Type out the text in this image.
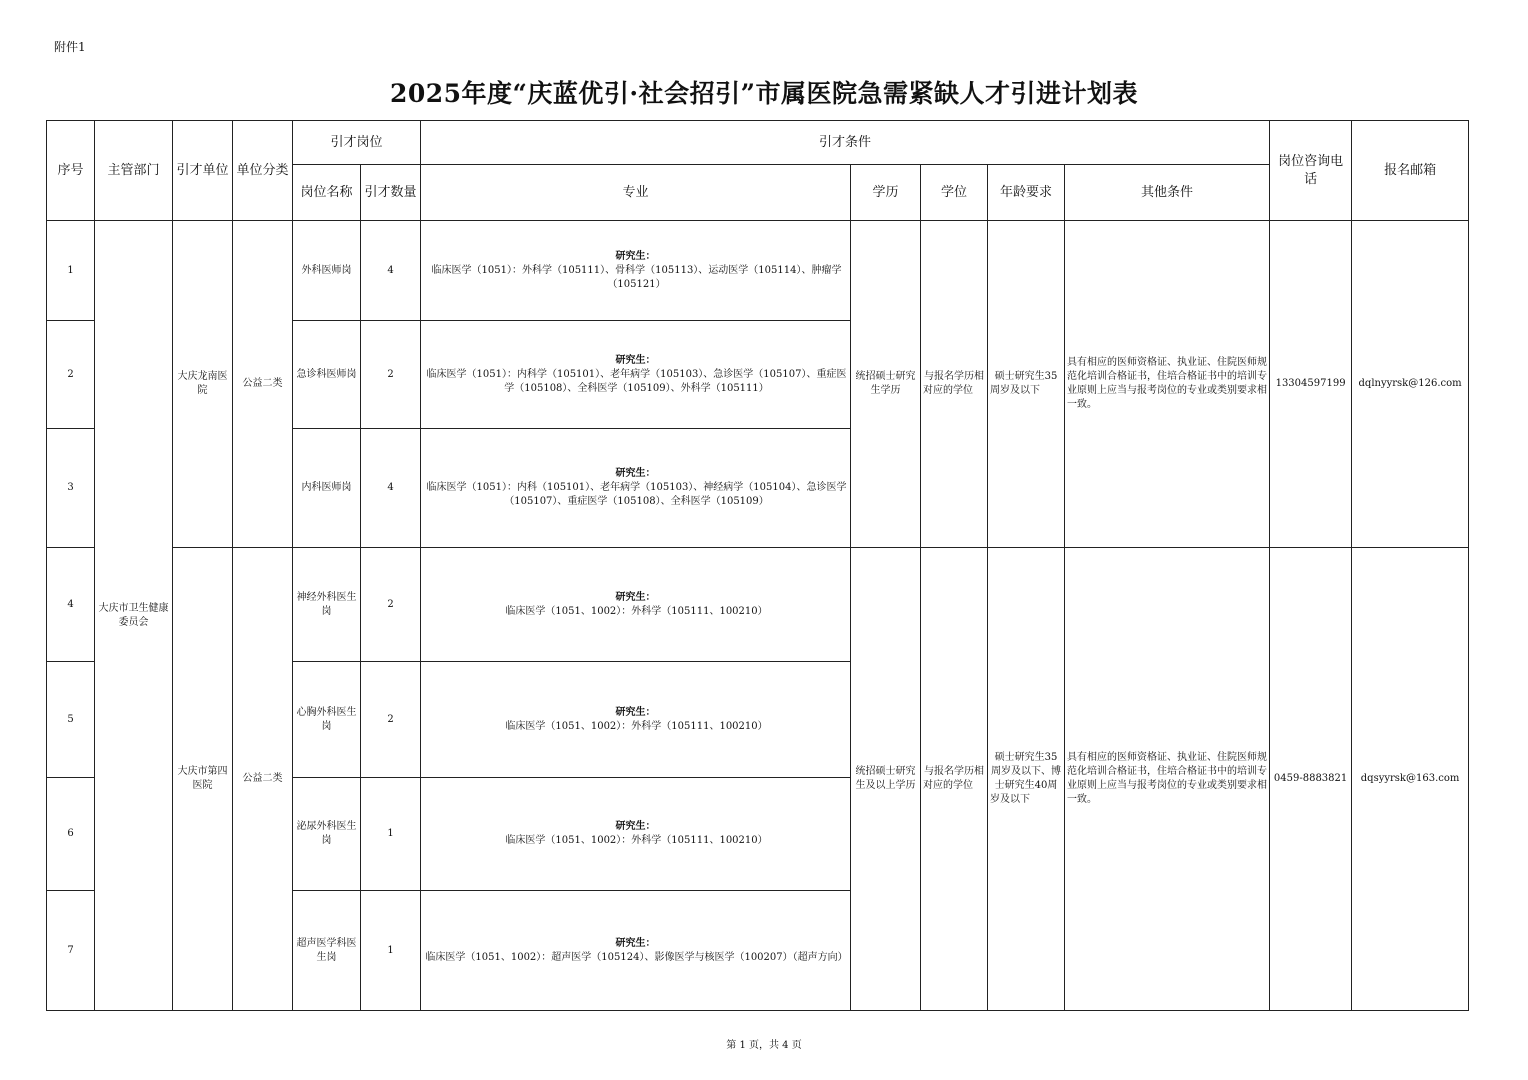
附件1
2025年度“庆蓝优引·社会招引”市属医院急需紧缺人才引进计划表
序号	主管部门	引才单位	单位分类	引才岗位		引才条件					岗位咨询电话	报名邮箱
				岗位名称	引才数量	专业	学历	学位	年龄要求	其他条件		
1	大庆市卫生健康委员会	大庆龙南医院	公益二类	外科医师岗	4	研究生：
临床医学（1051）：外科学（105111）、骨科学（105113）、运动医学（105114）、肿瘤学（105121）	统招硕士研究生学历	与报名学历相对应的学位	硕士研究生35周岁及以下	具有相应的医师资格证、执业证、住院医师规范化培训合格证书，住培合格证书中的培训专业原则上应当与报考岗位的专业或类别要求相一致。	13304597199	dqlnyyrsk@126.com
2				急诊科医师岗	2	研究生：
临床医学（1051）：内科学（105101）、老年病学（105103）、急诊医学（105107）、重症医学（105108）、全科医学（105109）、外科学（105111）						

3				内科医师岗	4	研究生：
临床医学（1051）：内科（105101）、老年病学（105103）、神经病学（105104）、急诊医学（105107）、重症医学（105108）、全科医学（105109）						

4		大庆市第四医院	公益二类	神经外科医生岗	2	研究生：
临床医学（1051、1002）：外科学（105111、100210）	统招硕士研究生及以上学历	与报名学历相对应的学位	硕士研究生35周岁及以下、博士研究生40周岁及以下	具有相应的医师资格证、执业证、住院医师规范化培训合格证书，住培合格证书中的培训专业原则上应当与报考岗位的专业或类别要求相一致。	0459-8883821	dqsyyrsk@163.com
5				心胸外科医生岗	2	研究生：
临床医学（1051、1002）：外科学（105111、100210）						

6				泌尿外科医生岗	1	研究生：
临床医学（1051、1002）：外科学（105111、100210）						

7				超声医学科医生岗	1	研究生：
临床医学（1051、1002）：超声医学（105124）、影像医学与核医学（100207）（超声方向）						
第 1 页，共 4 页
